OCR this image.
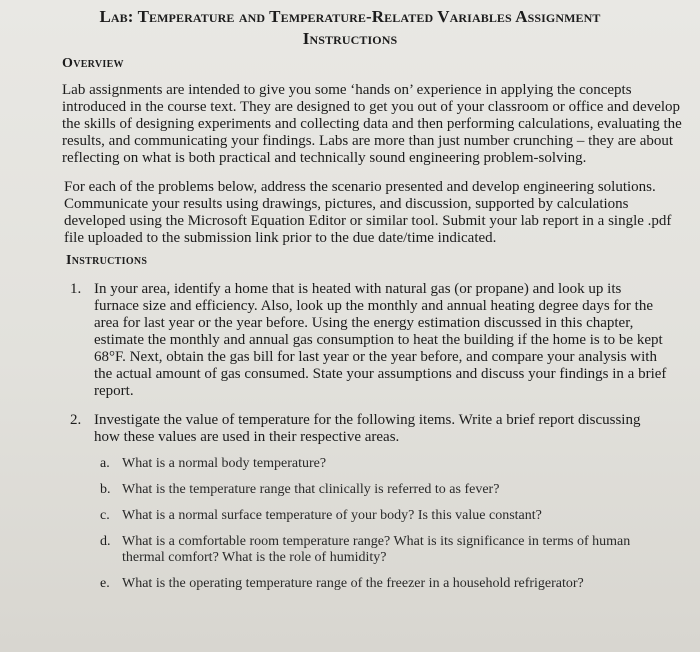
Lab: Temperature and Temperature-Related Variables Assignment
Instructions
Overview

Lab assignments are intended to give you some ‘hands on’ experience in applying the concepts introduced in the course text. They are designed to get you out of your classroom or office and develop the skills of designing experiments and collecting data and then performing calculations, evaluating the results, and communicating your findings. Labs are more than just number crunching – they are about reflecting on what is both practical and technically sound engineering problem-solving.

For each of the problems below, address the scenario presented and develop engineering solutions. Communicate your results using drawings, pictures, and discussion, supported by calculations developed using the Microsoft Equation Editor or similar tool. Submit your lab report in a single .pdf file uploaded to the submission link prior to the due date/time indicated.

Instructions
1. In your area, identify a home that is heated with natural gas (or propane) and look up its furnace size and efficiency. Also, look up the monthly and annual heating degree days for the area for last year or the year before. Using the energy estimation discussed in this chapter, estimate the monthly and annual gas consumption to heat the building if the home is to be kept 68°F. Next, obtain the gas bill for last year or the year before, and compare your analysis with the actual amount of gas consumed. State your assumptions and discuss your findings in a brief report.
2. Investigate the value of temperature for the following items. Write a brief report discussing how these values are used in their respective areas.
a. What is a normal body temperature?
b. What is the temperature range that clinically is referred to as fever?
c. What is a normal surface temperature of your body? Is this value constant?
d. What is a comfortable room temperature range? What is its significance in terms of human thermal comfort? What is the role of humidity?
e. What is the operating temperature range of the freezer in a household refrigerator?
